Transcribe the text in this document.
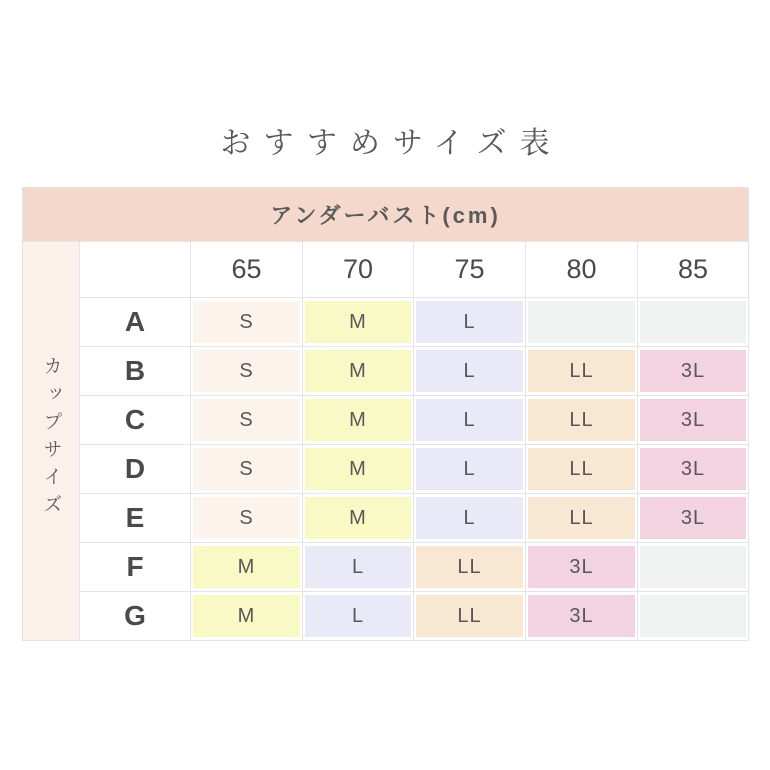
おすすめサイズ表
アンダーバスト(cm)						
カップサイズ		65	70	75	80	85
	A	S	M	L		

	B	S	M	L	LL	3L

	C	S	M	L	LL	3L

	D	S	M	L	LL	3L

	E	S	M	L	LL	3L

	F	M	L	LL	3L	

	G	M	L	LL	3L	
